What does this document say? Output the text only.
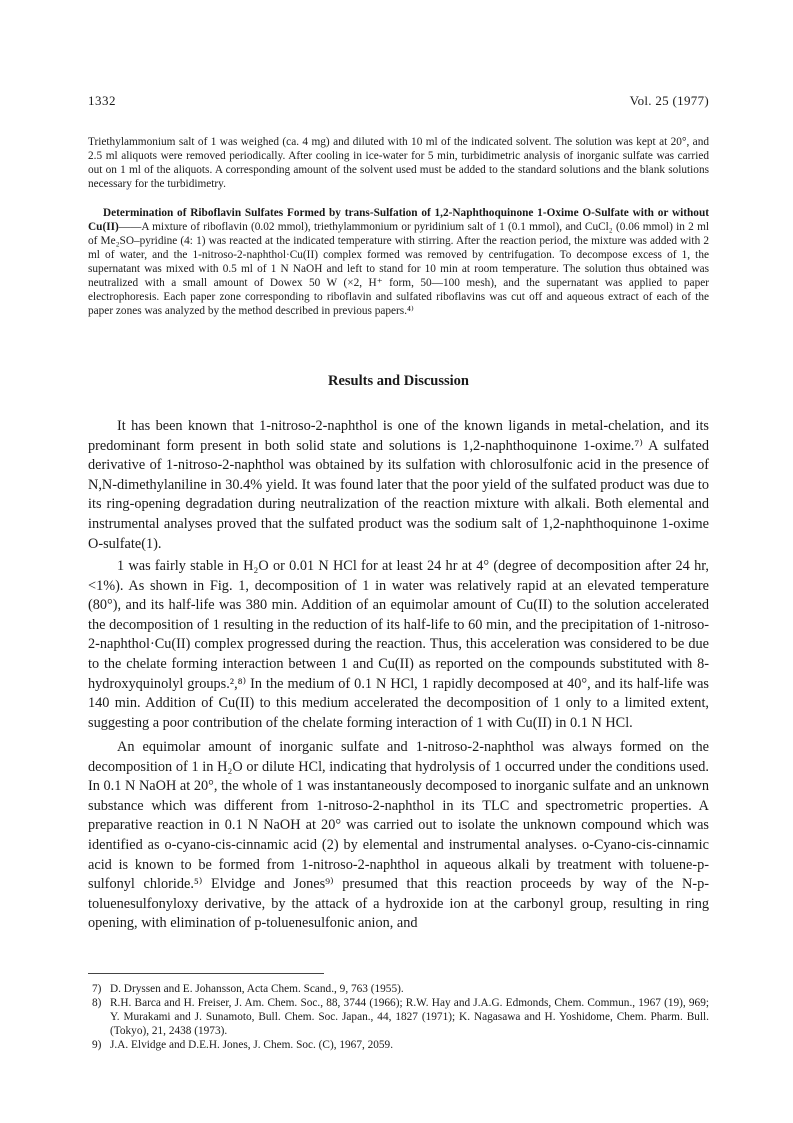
1332	Vol. 25 (1977)

Triethylammonium salt of 1 was weighed (ca. 4 mg) and diluted with 10 ml of the indicated solvent. The solution was kept at 20°, and 2.5 ml aliquots were removed periodically. After cooling in ice-water for 5 min, turbidimetric analysis of inorganic sulfate was carried out on 1 ml of the aliquots. A corresponding amount of the solvent used must be added to the standard solutions and the blank solutions necessary for the turbidimetry.

Determination of Riboflavin Sulfates Formed by trans-Sulfation of 1,2-Naphthoquinone 1-Oxime O-Sulfate with or without Cu(II)——A mixture of riboflavin (0.02 mmol), triethylammonium or pyridinium salt of 1 (0.1 mmol), and CuCl₂ (0.06 mmol) in 2 ml of Me₂SO–pyridine (4: 1) was reacted at the indicated temperature with stirring. After the reaction period, the mixture was added with 2 ml of water, and the 1-nitroso-2-naphthol·Cu(II) complex formed was removed by centrifugation. To decompose excess of 1, the supernatant was mixed with 0.5 ml of 1 N NaOH and left to stand for 10 min at room temperature. The solution thus obtained was neutralized with a small amount of Dowex 50 W (×2, H⁺ form, 50—100 mesh), and the supernatant was applied to paper electrophoresis. Each paper zone corresponding to riboflavin and sulfated riboflavins was cut off and aqueous extract of each of the paper zones was analyzed by the method described in previous papers.⁴⁾

Results and Discussion

It has been known that 1-nitroso-2-naphthol is one of the known ligands in metal-chelation, and its predominant form present in both solid state and solutions is 1,2-naphthoquinone 1-oxime.⁷⁾ A sulfated derivative of 1-nitroso-2-naphthol was obtained by its sulfation with chlorosulfonic acid in the presence of N,N-dimethylaniline in 30.4% yield. It was found later that the poor yield of the sulfated product was due to its ring-opening degradation during neutralization of the reaction mixture with alkali. Both elemental and instrumental analyses proved that the sulfated product was the sodium salt of 1,2-naphthoquinone 1-oxime O-sulfate(1).

1 was fairly stable in H₂O or 0.01 N HCl for at least 24 hr at 4° (degree of decomposition after 24 hr, <1%). As shown in Fig. 1, decomposition of 1 in water was relatively rapid at an elevated temperature (80°), and its half-life was 380 min. Addition of an equimolar amount of Cu(II) to the solution accelerated the decomposition of 1 resulting in the reduction of its half-life to 60 min, and the precipitation of 1-nitroso-2-naphthol·Cu(II) complex progressed during the reaction. Thus, this acceleration was considered to be due to the chelate forming interaction between 1 and Cu(II) as reported on the compounds substituted with 8-hydroxyquinolyl groups.²,⁸⁾ In the medium of 0.1 N HCl, 1 rapidly decomposed at 40°, and its half-life was 140 min. Addition of Cu(II) to this medium accelerated the decomposition of 1 only to a limited extent, suggesting a poor contribution of the chelate forming interaction of 1 with Cu(II) in 0.1 N HCl.

An equimolar amount of inorganic sulfate and 1-nitroso-2-naphthol was always formed on the decomposition of 1 in H₂O or dilute HCl, indicating that hydrolysis of 1 occurred under the conditions used. In 0.1 N NaOH at 20°, the whole of 1 was instantaneously decomposed to inorganic sulfate and an unknown substance which was different from 1-nitroso-2-naphthol in its TLC and spectrometric properties. A preparative reaction in 0.1 N NaOH at 20° was carried out to isolate the unknown compound which was identified as o-cyano-cis-cinnamic acid (2) by elemental and instrumental analyses. o-Cyano-cis-cinnamic acid is known to be formed from 1-nitroso-2-naphthol in aqueous alkali by treatment with toluene-p-sulfonyl chloride.⁵⁾ Elvidge and Jones⁹⁾ presumed that this reaction proceeds by way of the N-p-toluenesulfonyloxy derivative, by the attack of a hydroxide ion at the carbonyl group, resulting in ring opening, with elimination of p-toluenesulfonic anion, and

7) D. Dryssen and E. Johansson, Acta Chem. Scand., 9, 763 (1955).
8) R.H. Barca and H. Freiser, J. Am. Chem. Soc., 88, 3744 (1966); R.W. Hay and J.A.G. Edmonds, Chem. Commun., 1967 (19), 969; Y. Murakami and J. Sunamoto, Bull. Chem. Soc. Japan., 44, 1827 (1971); K. Nagasawa and H. Yoshidome, Chem. Pharm. Bull. (Tokyo), 21, 2438 (1973).
9) J.A. Elvidge and D.E.H. Jones, J. Chem. Soc. (C), 1967, 2059.
